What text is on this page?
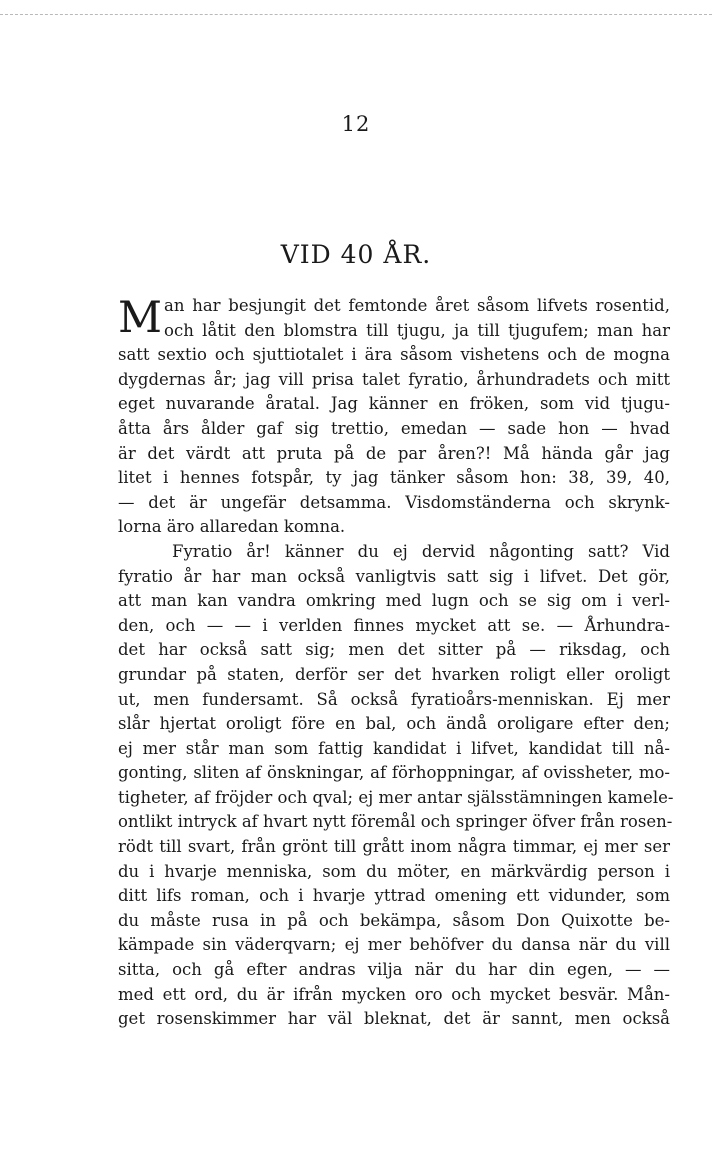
12
VID 40 ÅR.
M an har besjungit det femtonde året såsom lifvets rosentid,
och låtit den blomstra till tjugu, ja till tjugufem; man har
satt sextio och sjuttiotalet i ära såsom vishetens och de mogna
dygdernas år; jag vill prisa talet fyratio, århundradets och mitt
eget nuvarande åratal. Jag känner en fröken, som vid tjugu-
åtta års ålder gaf sig trettio, emedan — sade hon — hvad
är det värdt att pruta på de par åren?! Må hända går jag
litet i hennes fotspår, ty jag tänker såsom hon: 38, 39, 40,
— det är ungefär detsamma. Visdomständerna och skrynk-
lorna äro allaredan komna.
Fyratio år! känner du ej dervid någonting satt? Vid
fyratio år har man också vanligtvis satt sig i lifvet. Det gör,
att man kan vandra omkring med lugn och se sig om i verl-
den, och — — i verlden finnes mycket att se. — Århundra-
det har också satt sig; men det sitter på — riksdag, och
grundar på staten, derför ser det hvarken roligt eller oroligt
ut, men fundersamt. Så också fyratioårs-menniskan. Ej mer
slår hjertat oroligt före en bal, och ändå oroligare efter den;
ej mer står man som fattig kandidat i lifvet, kandidat till nå-
gonting, sliten af önskningar, af förhoppningar, af ovissheter, mo-
tigheter, af fröjder och qval; ej mer antar själsstämningen kamele-
ontlikt intryck af hvart nytt föremål och springer öfver från rosen-
rödt till svart, från grönt till grått inom några timmar, ej mer ser
du i hvarje menniska, som du möter, en märkvärdig person i
ditt lifs roman, och i hvarje yttrad omening ett vidunder, som
du måste rusa in på och bekämpa, såsom Don Quixotte be-
kämpade sin väderqvarn; ej mer behöfver du dansa när du vill
sitta, och gå efter andras vilja när du har din egen, — —
med ett ord, du är ifrån mycken oro och mycket besvär. Mån-
get rosenskimmer har väl bleknat, det är sannt, men också
